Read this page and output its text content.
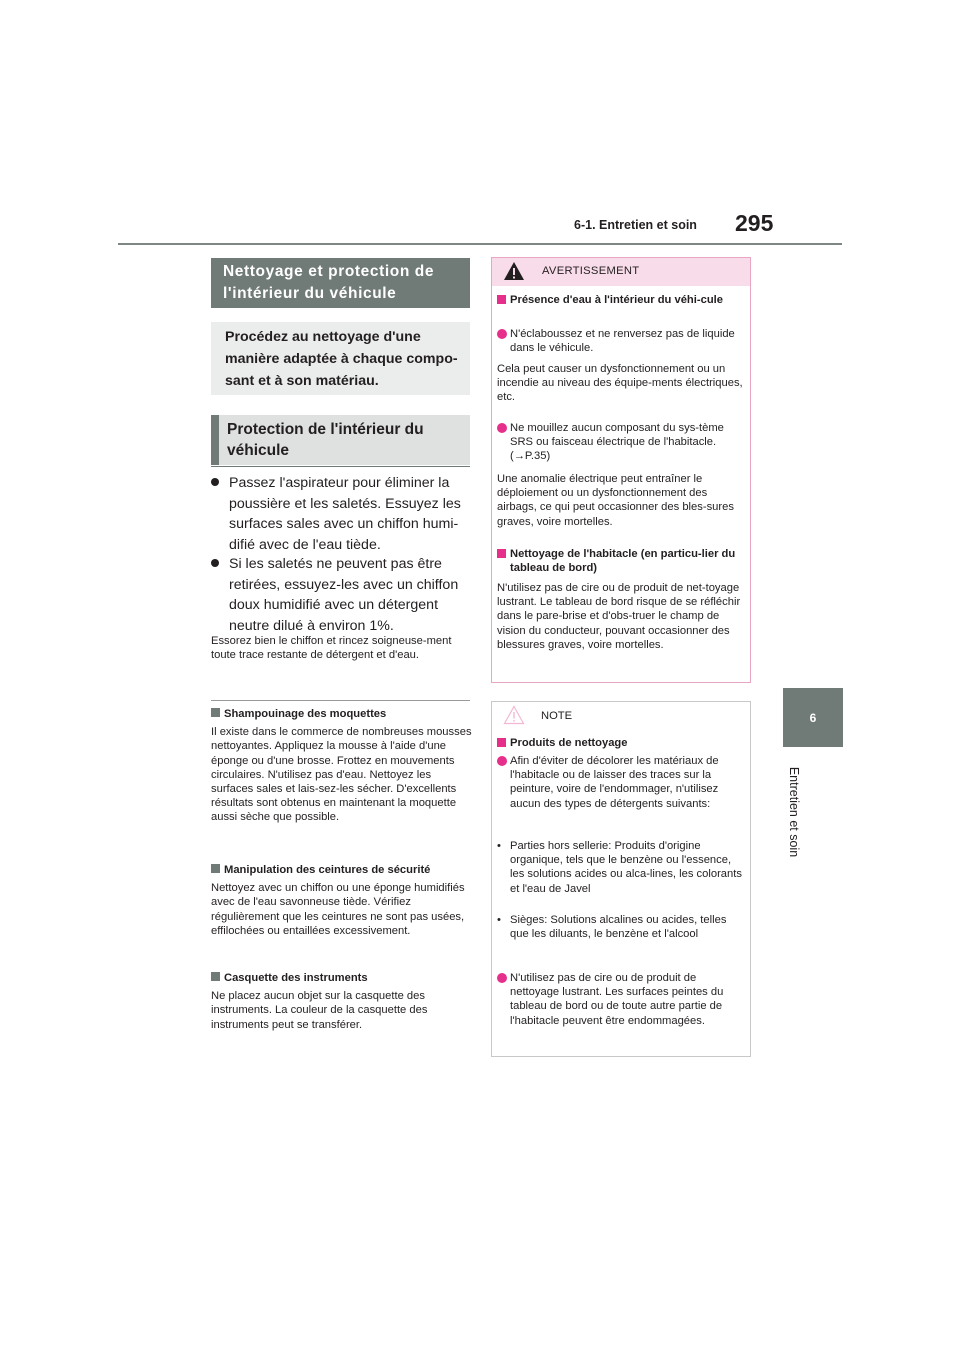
6-1. Entretien et soin 295
6
Entretien et soin
Nettoyage et protection de l'intérieur du véhicule
Procédez au nettoyage d'une manière adaptée à chaque compo-sant et à son matériau.
Protection de l'intérieur du véhicule
Passez l'aspirateur pour éliminer la poussière et les saletés. Essuyez les surfaces sales avec un chiffon humi-difié avec de l'eau tiède.
Si les saletés ne peuvent pas être retirées, essuyez-les avec un chiffon doux humidifié avec un détergent neutre dilué à environ 1%.
Essorez bien le chiffon et rincez soigneuse-ment toute trace restante de détergent et d'eau.
Shampouinage des moquettes
Il existe dans le commerce de nombreuses mousses nettoyantes. Appliquez la mousse à l'aide d'une éponge ou d'une brosse. Frottez en mouvements circulaires. N'utilisez pas d'eau. Nettoyez les surfaces sales et lais-sez-les sécher. D'excellents résultats sont obtenus en maintenant la moquette aussi sèche que possible.
Manipulation des ceintures de sécurité
Nettoyez avec un chiffon ou une éponge humidifiés avec de l'eau savonneuse tiède. Vérifiez régulièrement que les ceintures ne sont pas usées, effilochées ou entaillées excessivement.
Casquette des instruments
Ne placez aucun objet sur la casquette des instruments. La couleur de la casquette des instruments peut se transférer.
AVERTISSEMENT
Présence d'eau à l'intérieur du véhi-cule
N'éclaboussez et ne renversez pas de liquide dans le véhicule.
Cela peut causer un dysfonctionnement ou un incendie au niveau des équipe-ments électriques, etc.
Ne mouillez aucun composant du sys-tème SRS ou faisceau électrique de l'habitacle. (→P.35)
Une anomalie électrique peut entraîner le déploiement ou un dysfonctionnement des airbags, ce qui peut occasionner des bles-sures graves, voire mortelles.
Nettoyage de l'habitacle (en particu-lier du tableau de bord)
N'utilisez pas de cire ou de produit de net-toyage lustrant. Le tableau de bord risque de se réfléchir dans le pare-brise et d'obs-truer le champ de vision du conducteur, pouvant occasionner des blessures graves, voire mortelles.
NOTE
Produits de nettoyage
Afin d'éviter de décolorer les matériaux de l'habitacle ou de laisser des traces sur la peinture, voire de l'endommager, n'utilisez aucun des types de détergents suivants:
• Parties hors sellerie: Produits d'origine organique, tels que le benzène ou l'essence, les solutions acides ou alca-lines, les colorants et l'eau de Javel
• Sièges: Solutions alcalines ou acides, telles que les diluants, le benzène et l'alcool
N'utilisez pas de cire ou de produit de nettoyage lustrant. Les surfaces peintes du tableau de bord ou de toute autre partie de l'habitacle peuvent être endommagées.
